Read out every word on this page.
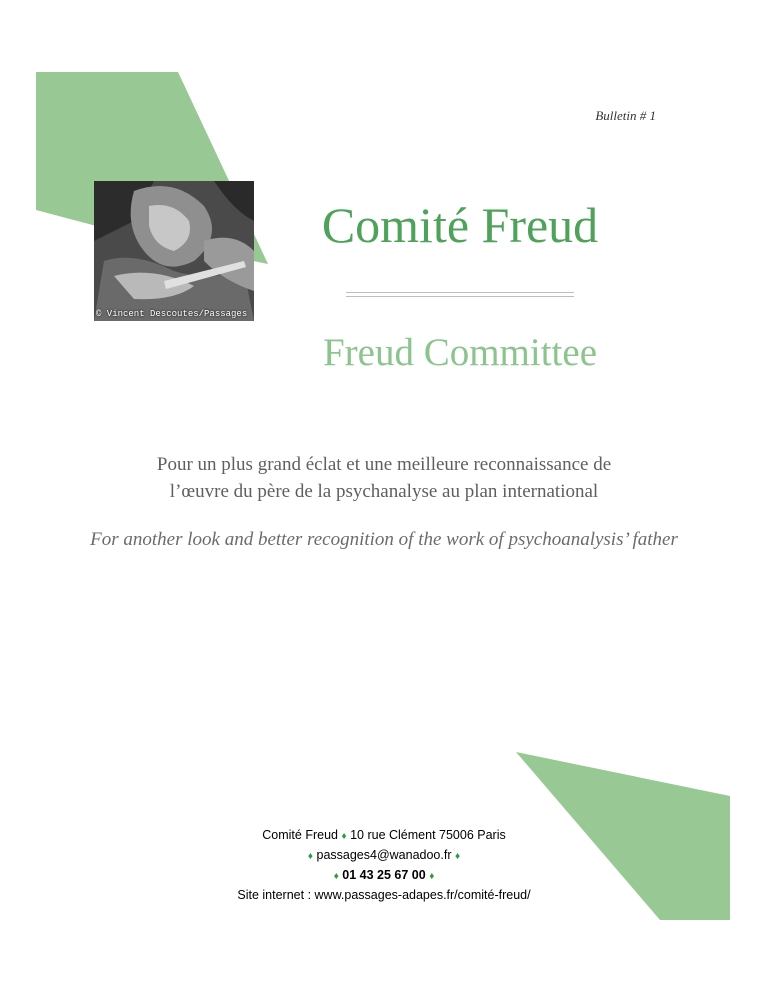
Bulletin # 1
© Vincent Descoutes/Passages
Comité Freud
Freud Committee
Pour un plus grand éclat et une meilleure reconnaissance de
l’œuvre du père de la psychanalyse au plan international
For another look and better recognition of the work of psychoanalysis’ father
Comité Freud ♦ 10 rue Clément 75006 Paris
♦ passages4@wanadoo.fr ♦
♦ 01 43 25 67 00 ♦
Site internet : www.passages-adapes.fr/comité-freud/
